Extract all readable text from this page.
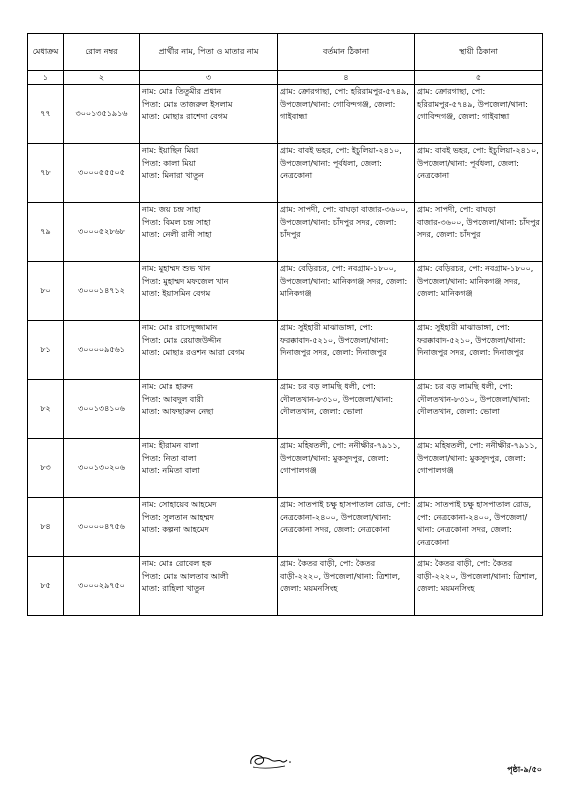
মেধাক্রম	রোল নম্বর	প্রার্থীর নাম, পিতা ও মাতার নাম	বর্তমান ঠিকানা	স্থায়ী ঠিকানা
১	২	৩	৪	৫
৭৭	৩০০১৩৫১৯১৬	নাম: মোঃ তিতুমীর প্রধান
পিতা: মোঃ তাজরুল ইসলাম
মাতা: মোছাঃ রাশেদা বেগম	গ্রাম: ক্রোরগাছা, পো: হরিরামপুর-৫৭৪৯, উপজেলা/থানা: গোবিন্দগঞ্জ, জেলা: গাইবান্ধা	গ্রাম: ক্রোরগাছা, পো: হরিরামপুর-৫৭৪৯, উপজেলা/থানা: গোবিন্দগঞ্জ, জেলা: গাইবান্ধা

৭৮	৩০০০৫৫৫০৫	নাম: ইয়াছিন মিয়া
পিতা: কালা মিয়া
মাতা: মিনারা খাতুন	গ্রাম: বাবই ভহর, পো: ইচুলিয়া-২৪১০, উপজেলা/থানা: পূর্বধলা, জেলা: নেত্রকোনা	গ্রাম: বাবই ভহর, পো: ইচুলিয়া-২৪১০, উপজেলা/থানা: পূর্বধলা, জেলা: নেত্রকোনা

৭৯	৩০০০৫২৮৬৮	নাম: জয় চন্দ্র সাহা
পিতা: বিমল চন্দ্র সাহা
মাতা: নেলী রানী সাহা	গ্রাম: সাপদী, পো: বাঘড়া বাজার-৩৬০০, উপজেলা/থানা: চাঁদপুর সদর, জেলা: চাঁদপুর	গ্রাম: সাপদী, পো: বাঘড়া বাজার-৩৬০০, উপজেলা/থানা: চাঁদপুর সদর, জেলা: চাঁদপুর

৮০	৩০০০১৪৭১২	নাম: মুহাম্মদ শুভ খান
পিতা: মুহাম্মদ মফজেল খান
মাতা: ইয়াসমিন বেগম	গ্রাম: বেড়িরচর, পো: নবগ্রাম-১৮০০, উপজেলা/থানা: মানিকগঞ্জ সদর, জেলা: মানিকগঞ্জ	গ্রাম: বেড়িরচর, পো: নবগ্রাম-১৮০০, উপজেলা/থানা: মানিকগঞ্জ সদর, জেলা: মানিকগঞ্জ

৮১	৩০০০০৯৫৬১	নাম: মোঃ রাসেদুজ্জামান
পিতা: মোঃ রেয়াজউদ্দীন
মাতা: মোছাঃ রওশন আরা বেগম	গ্রাম: সুইহারী মাঝাডাঙ্গা, পো: ফরক্কাবাদ-৫২১০, উপজেলা/থানা: দিনাজপুর সদর, জেলা: দিনাজপুর	গ্রাম: সুইহারী মাঝাডাঙ্গা, পো: ফরক্কাবাদ-৫২১০, উপজেলা/থানা: দিনাজপুর সদর, জেলা: দিনাজপুর

৮২	৩০০১৩৪১০৬	নাম: মোঃ হারুন
পিতা: আবদুল বারী
মাতা: আফছারুন নেছা	গ্রাম: চর বড় লামছি ধলী, পো: দৌলতখান-৮৩১০, উপজেলা/থানা: দৌলতখান, জেলা: ভোলা	গ্রাম: চর বড় লামছি ধলী, পো: দৌলতখান-৮৩১০, উপজেলা/থানা: দৌলতখান, জেলা: ভোলা

৮৩	৩০০১৩০২০৬	নাম: হীরামন বালা
পিতা: নিতা বালা
মাতা: নমিতা বালা	গ্রাম: মহিষতলী, পো: ননীক্ষীর-৭৯১১, উপজেলা/থানা: মুকসুদপুর, জেলা: গোপালগঞ্জ	গ্রাম: মহিষতলী, পো: ননীক্ষীর-৭৯১১, উপজেলা/থানা: মুকসুদপুর, জেলা: গোপালগঞ্জ

৮৪	৩০০০০৪৭৫৬	নাম: সোহায়েব আহমেদ
পিতা: সুলতান আহম্মদ
মাতা: কল্পনা আহমেদ	গ্রাম: সাতপাই চক্ষু হাসপাতাল রোড, পো: নেত্রকোনা-২৪০০, উপজেলা/থানা: নেত্রকোনা সদর, জেলা: নেত্রকোনা	গ্রাম: সাতপাই চক্ষু হাসপাতাল রোড, পো: নেত্রকোনা-২৪০০, উপজেলা/থানা: নেত্রকোনা সদর, জেলা: নেত্রকোনা

৮৫	৩০০০২৯৭৫০	নাম: মোঃ রোবেল হক
পিতা: মোঃ আলতাব আলী
মাতা: রাহিলা খাতুন	গ্রাম: কৈতর বাড়ী, পো: কৈতর বাড়ী-২২২০, উপজেলা/থানা: ত্রিশাল, জেলা: ময়মনসিংহ	গ্রাম: কৈতর বাড়ী, পো: কৈতর বাড়ী-২২২০, উপজেলা/থানা: ত্রিশাল, জেলা: ময়মনসিংহ
পৃষ্ঠা-৯/৫০
